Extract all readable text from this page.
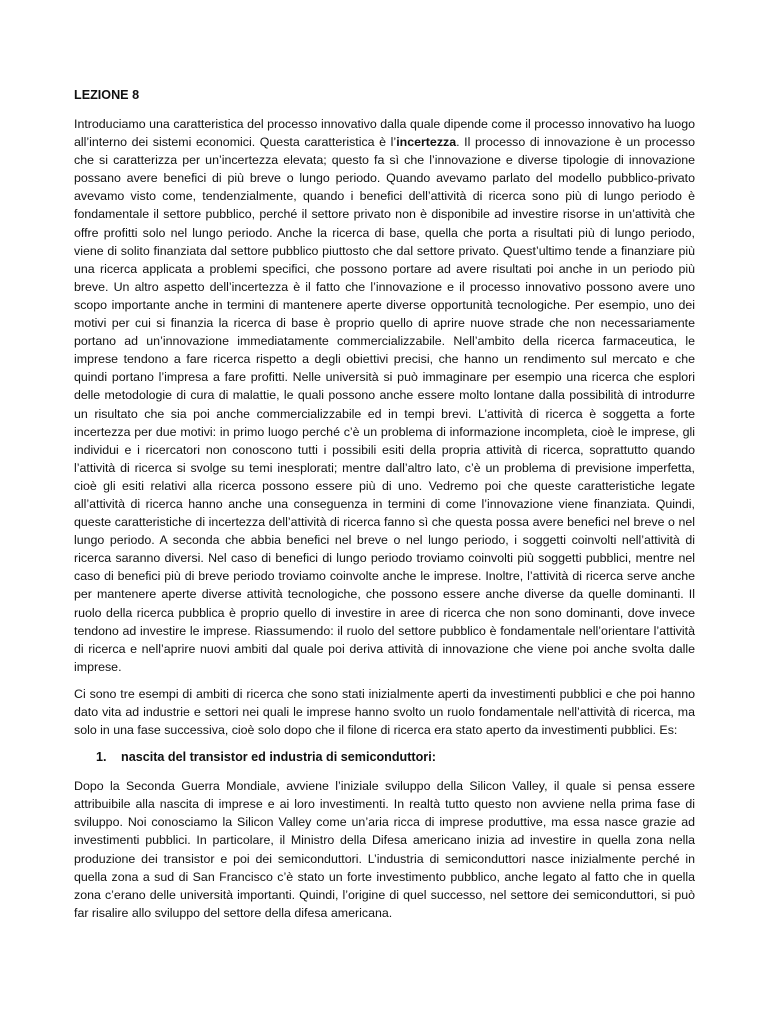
LEZIONE 8

Introduciamo una caratteristica del processo innovativo dalla quale dipende come il processo innovativo ha luogo all’interno dei sistemi economici. Questa caratteristica è l’incertezza. Il processo di innovazione è un processo che si caratterizza per un’incertezza elevata; questo fa sì che l’innovazione e diverse tipologie di innovazione possano avere benefici di più breve o lungo periodo. Quando avevamo parlato del modello pubblico-privato avevamo visto come, tendenzialmente, quando i benefici dell’attività di ricerca sono più di lungo periodo è fondamentale il settore pubblico, perché il settore privato non è disponibile ad investire risorse in un’attività che offre profitti solo nel lungo periodo. Anche la ricerca di base, quella che porta a risultati più di lungo periodo, viene di solito finanziata dal settore pubblico piuttosto che dal settore privato. Quest’ultimo tende a finanziare più una ricerca applicata a problemi specifici, che possono portare ad avere risultati poi anche in un periodo più breve. Un altro aspetto dell’incertezza è il fatto che l’innovazione e il processo innovativo possono avere uno scopo importante anche in termini di mantenere aperte diverse opportunità tecnologiche. Per esempio, uno dei motivi per cui si finanzia la ricerca di base è proprio quello di aprire nuove strade che non necessariamente portano ad un’innovazione immediatamente commercializzabile. Nell’ambito della ricerca farmaceutica, le imprese tendono a fare ricerca rispetto a degli obiettivi precisi, che hanno un rendimento sul mercato e che quindi portano l’impresa a fare profitti. Nelle università si può immaginare per esempio una ricerca che esplori delle metodologie di cura di malattie, le quali possono anche essere molto lontane dalla possibilità di introdurre un risultato che sia poi anche commercializzabile ed in tempi brevi. L’attività di ricerca è soggetta a forte incertezza per due motivi: in primo luogo perché c’è un problema di informazione incompleta, cioè le imprese, gli individui e i ricercatori non conoscono tutti i possibili esiti della propria attività di ricerca, soprattutto quando l’attività di ricerca si svolge su temi inesplorati; mentre dall’altro lato, c’è un problema di previsione imperfetta, cioè gli esiti relativi alla ricerca possono essere più di uno. Vedremo poi che queste caratteristiche legate all’attività di ricerca hanno anche una conseguenza in termini di come l’innovazione viene finanziata. Quindi, queste caratteristiche di incertezza dell’attività di ricerca fanno sì che questa possa avere benefici nel breve o nel lungo periodo. A seconda che abbia benefici nel breve o nel lungo periodo, i soggetti coinvolti nell’attività di ricerca saranno diversi. Nel caso di benefici di lungo periodo troviamo coinvolti più soggetti pubblici, mentre nel caso di benefici più di breve periodo troviamo coinvolte anche le imprese. Inoltre, l’attività di ricerca serve anche per mantenere aperte diverse attività tecnologiche, che possono essere anche diverse da quelle dominanti. Il ruolo della ricerca pubblica è proprio quello di investire in aree di ricerca che non sono dominanti, dove invece tendono ad investire le imprese. Riassumendo: il ruolo del settore pubblico è fondamentale nell’orientare l’attività di ricerca e nell’aprire nuovi ambiti dal quale poi deriva attività di innovazione che viene poi anche svolta dalle imprese.

Ci sono tre esempi di ambiti di ricerca che sono stati inizialmente aperti da investimenti pubblici e che poi hanno dato vita ad industrie e settori nei quali le imprese hanno svolto un ruolo fondamentale nell’attività di ricerca, ma solo in una fase successiva, cioè solo dopo che il filone di ricerca era stato aperto da investimenti pubblici. Es:

1. nascita del transistor ed industria di semiconduttori:

Dopo la Seconda Guerra Mondiale, avviene l’iniziale sviluppo della Silicon Valley, il quale si pensa essere attribuibile alla nascita di imprese e ai loro investimenti. In realtà tutto questo non avviene nella prima fase di sviluppo. Noi conosciamo la Silicon Valley come un’aria ricca di imprese produttive, ma essa nasce grazie ad investimenti pubblici. In particolare, il Ministro della Difesa americano inizia ad investire in quella zona nella produzione dei transistor e poi dei semiconduttori. L’industria di semiconduttori nasce inizialmente perché in quella zona a sud di San Francisco c’è stato un forte investimento pubblico, anche legato al fatto che in quella zona c’erano delle università importanti. Quindi, l’origine di quel successo, nel settore dei semiconduttori, si può far risalire allo sviluppo del settore della difesa americana.
